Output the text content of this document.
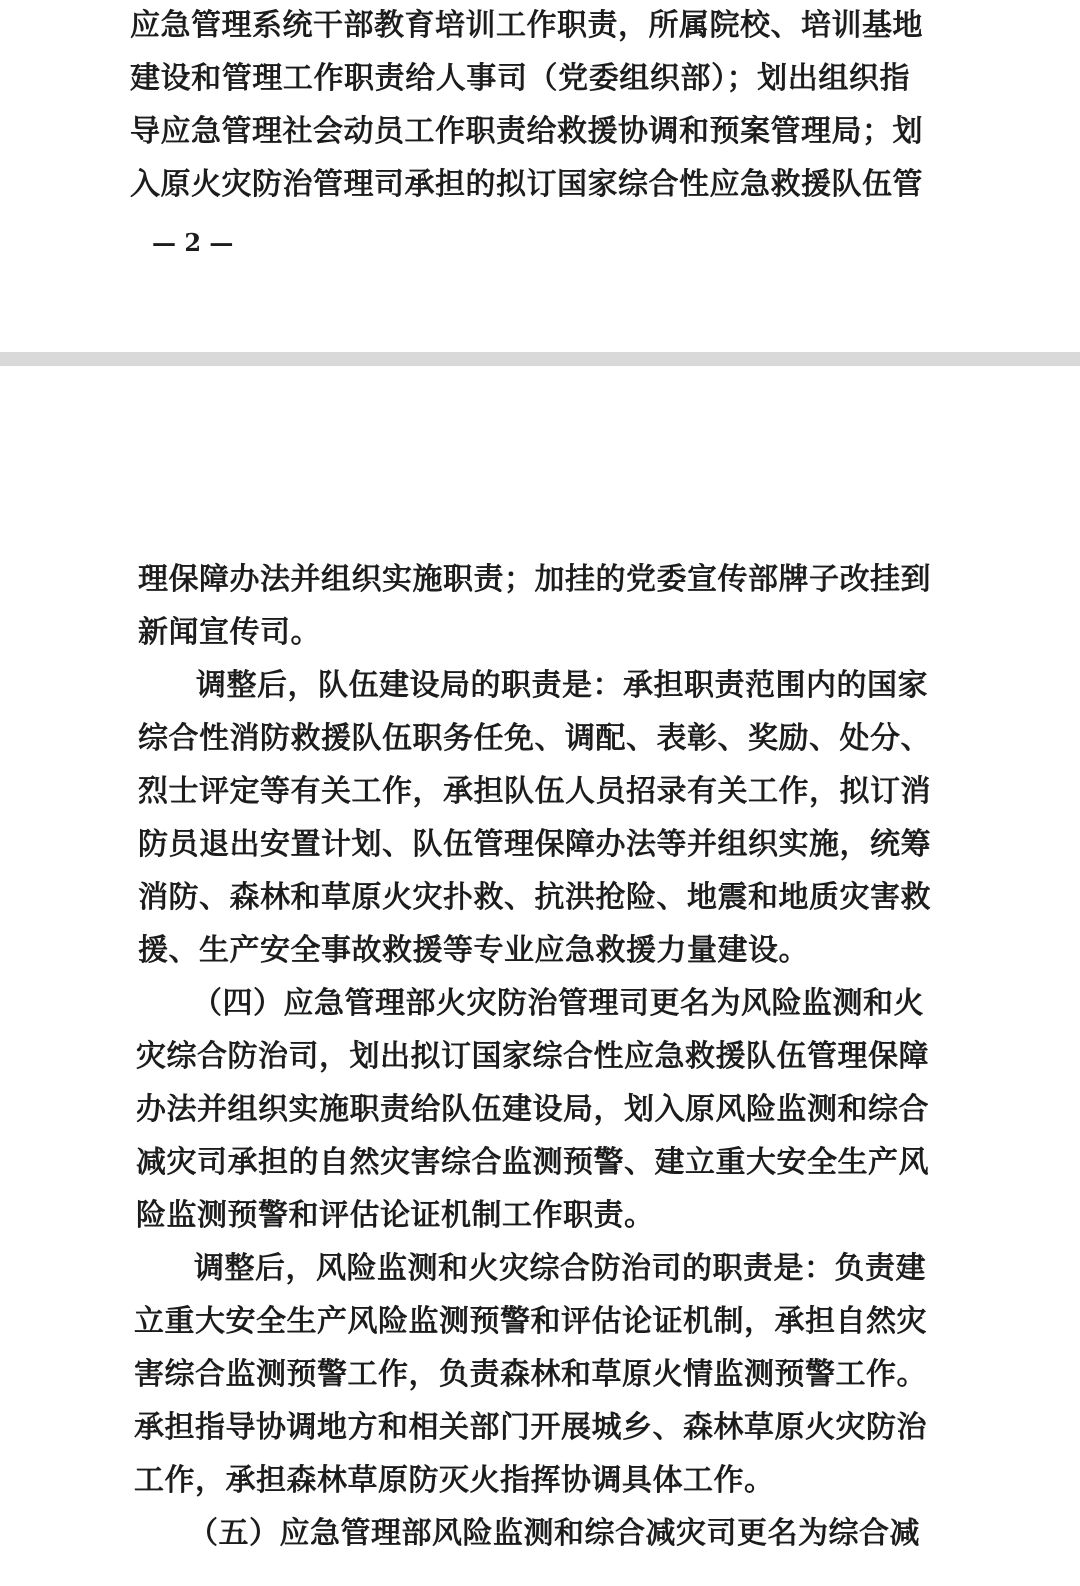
应急管理系统干部教育培训工作职责，所属院校、培训基地
建设和管理工作职责给人事司（党委组织部）；划出组织指
导应急管理社会动员工作职责给救援协调和预案管理局；划
入原火灾防治管理司承担的拟订国家综合性应急救援队伍管
— 2 —
理保障办法并组织实施职责；加挂的党委宣传部牌子改挂到
新闻宣传司。
调整后，队伍建设局的职责是：承担职责范围内的国家
综合性消防救援队伍职务任免、调配、表彰、奖励、处分、
烈士评定等有关工作，承担队伍人员招录有关工作，拟订消
防员退出安置计划、队伍管理保障办法等并组织实施，统筹
消防、森林和草原火灾扑救、抗洪抢险、地震和地质灾害救
援、生产安全事故救援等专业应急救援力量建设。
（四）应急管理部火灾防治管理司更名为风险监测和火
灾综合防治司，划出拟订国家综合性应急救援队伍管理保障
办法并组织实施职责给队伍建设局，划入原风险监测和综合
减灾司承担的自然灾害综合监测预警、建立重大安全生产风
险监测预警和评估论证机制工作职责。
调整后，风险监测和火灾综合防治司的职责是：负责建
立重大安全生产风险监测预警和评估论证机制，承担自然灾
害综合监测预警工作，负责森林和草原火情监测预警工作。
承担指导协调地方和相关部门开展城乡、森林草原火灾防治
工作，承担森林草原防灭火指挥协调具体工作。
（五）应急管理部风险监测和综合减灾司更名为综合减
